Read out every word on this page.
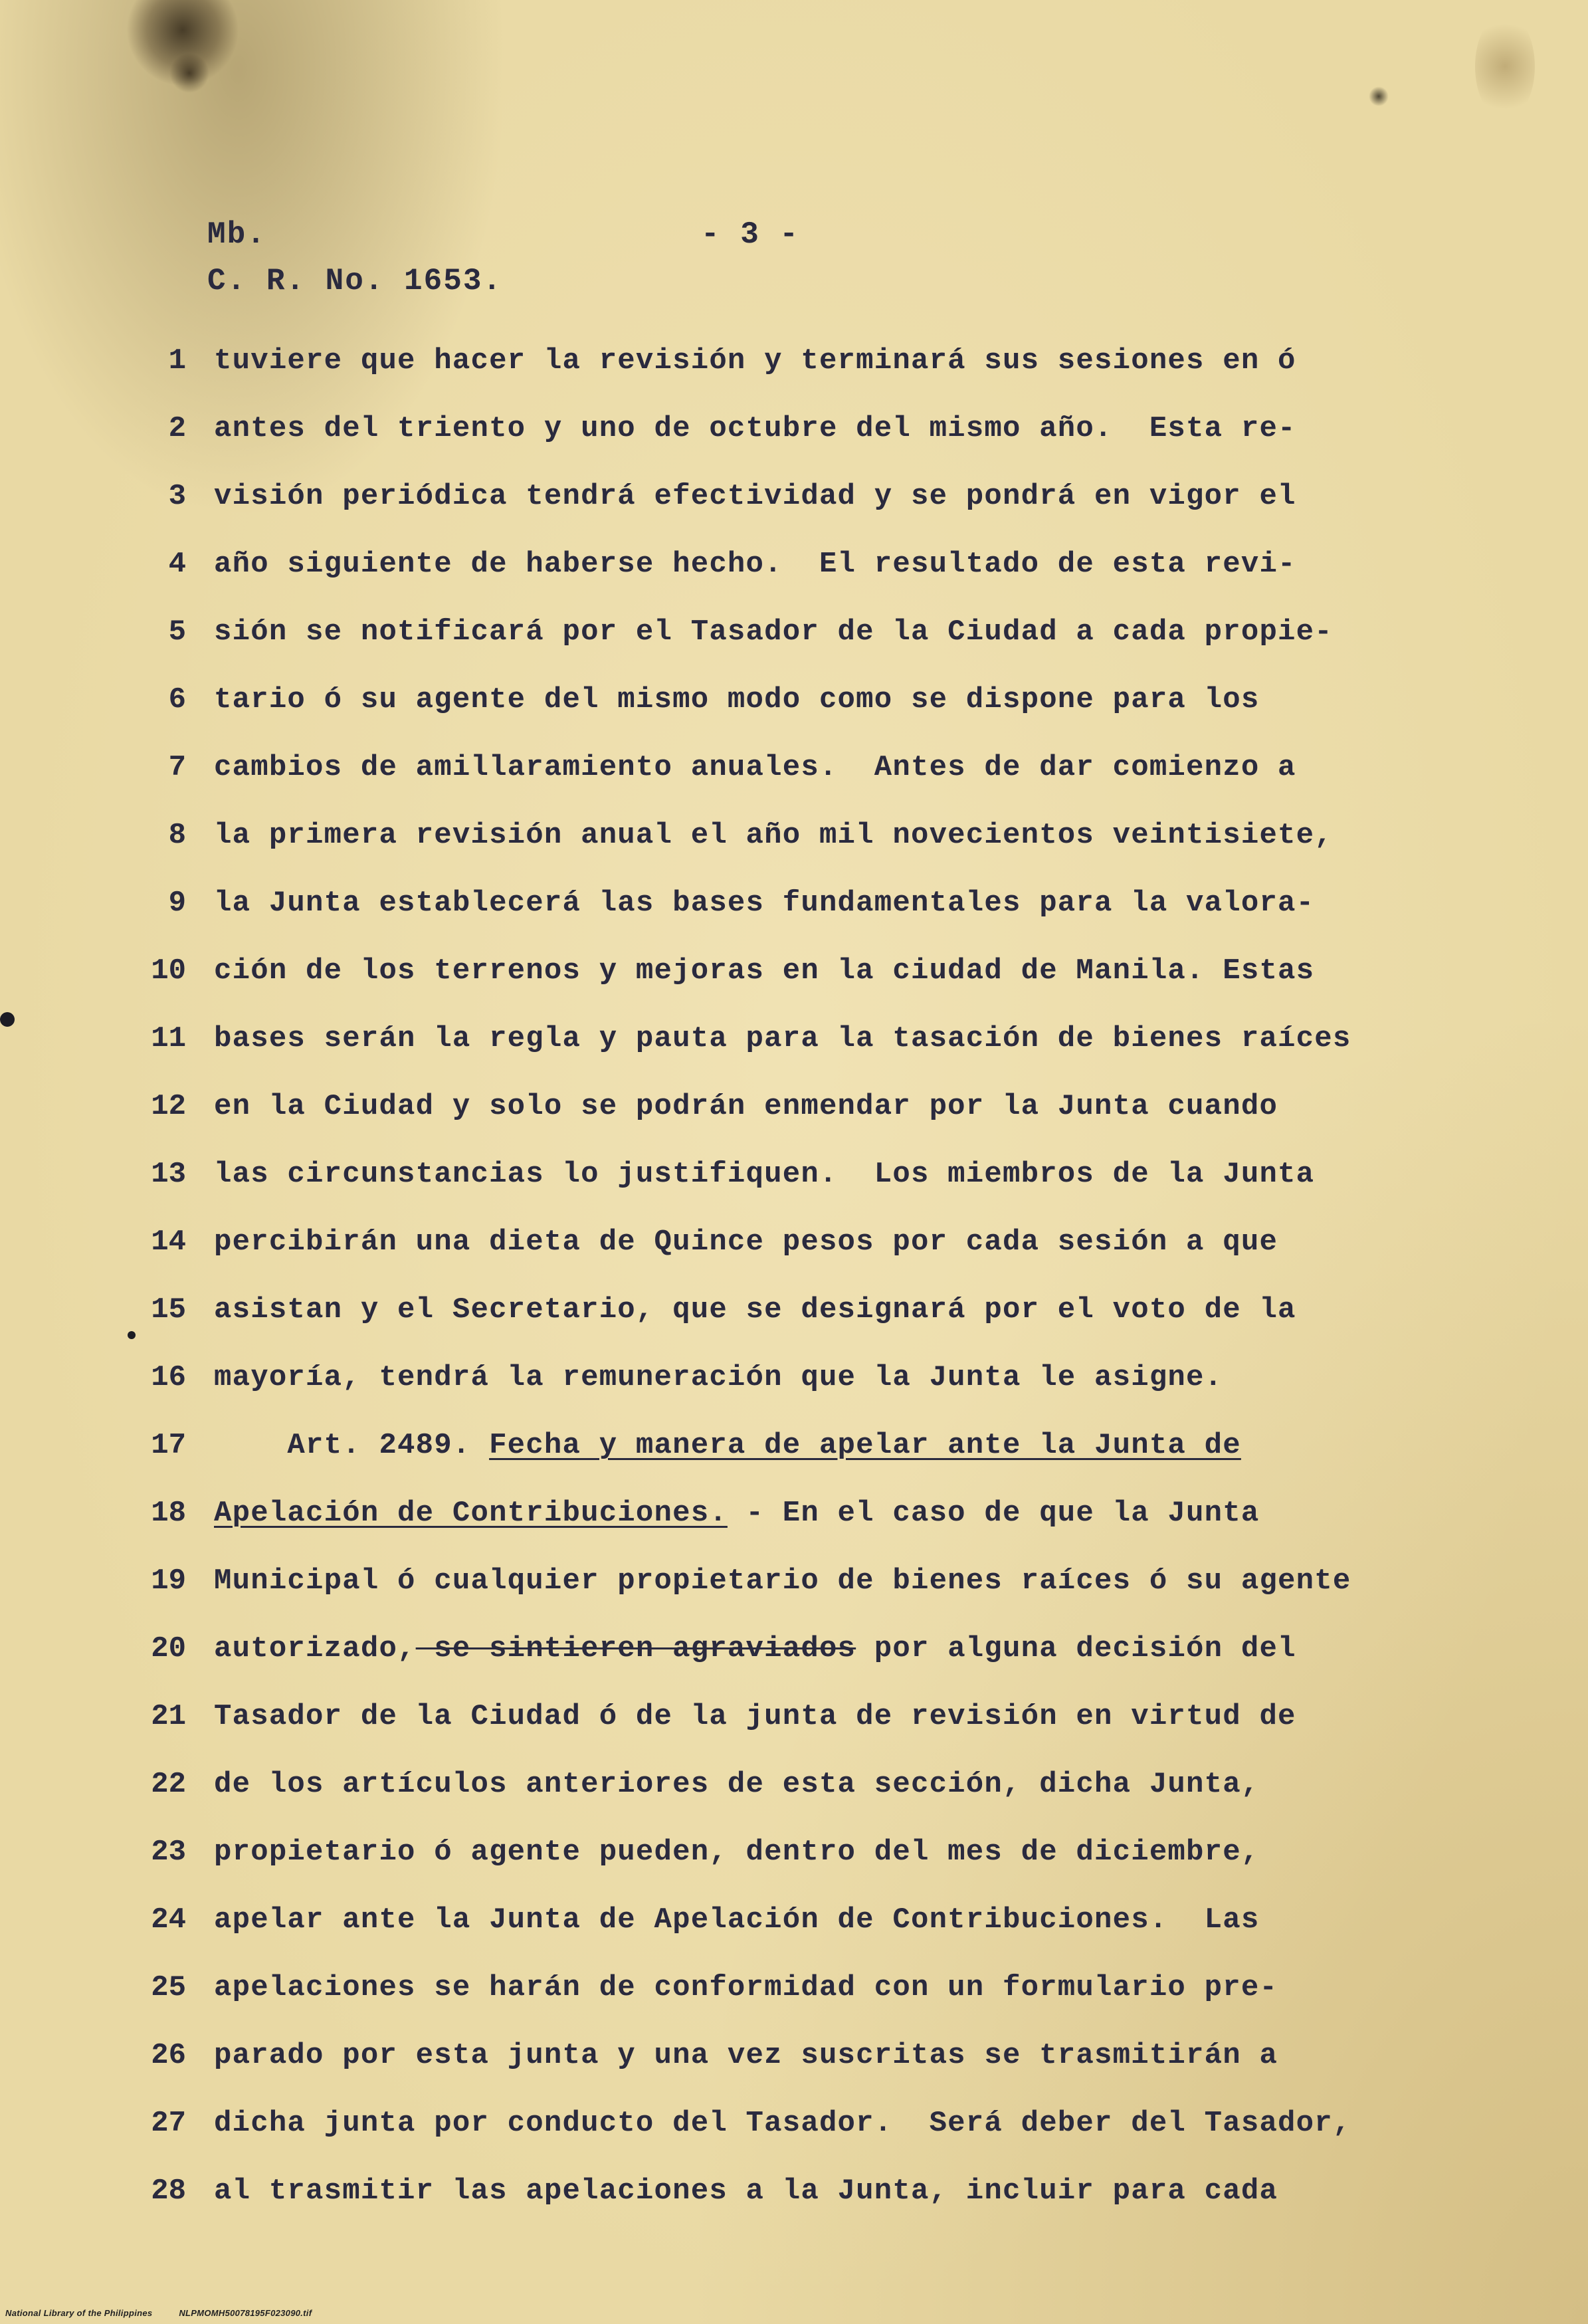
Mb.
C. R. No. 1653.
- 3 -
1 tuviere que hacer la revisión y terminará sus sesiones en ó
2 antes del triento y uno de octubre del mismo año.  Esta re-
3 visión periódica tendrá efectividad y se pondrá en vigor el
4 año siguiente de haberse hecho.  El resultado de esta revi-
5 sión se notificará por el Tasador de la Ciudad a cada propie-
6 tario ó su agente del mismo modo como se dispone para los
7 cambios de amillaramiento anuales.  Antes de dar comienzo a
8 la primera revisión anual el año mil novecientos veintisiete,
9 la Junta establecerá las bases fundamentales para la valora-
10 ción de los terrenos y mejoras en la ciudad de Manila. Estas
11 bases serán la regla y pauta para la tasación de bienes raíces
12 en la Ciudad y solo se podrán enmendar por la Junta cuando
13 las circunstancias lo justifiquen.  Los miembros de la Junta
14 percibirán una dieta de Quince pesos por cada sesión a que
15 asistan y el Secretario, que se designará por el voto de la
16 mayoría, tendrá la remuneración que la Junta le asigne.
17 Art. 2489. Fecha y manera de apelar ante la Junta de
18 Apelación de Contribuciones. - En el caso de que la Junta
19 Municipal ó cualquier propietario de bienes raíces ó su agente
20 autorizado, se sintieren agraviados por alguna decisión del
21 Tasador de la Ciudad ó de la junta de revisión en virtud de
22 de los artículos anteriores de esta sección, dicha Junta,
23 propietario ó agente pueden, dentro del mes de diciembre,
24 apelar ante la Junta de Apelación de Contribuciones.  Las
25 apelaciones se harán de conformidad con un formulario pre-
26 parado por esta junta y una vez suscritas se trasmitirán a
27 dicha junta por conducto del Tasador.  Será deber del Tasador,
28 al trasmitir las apelaciones a la Junta, incluir para cada
National Library of the Philippines	NLPMOMH50078195F023090.tif
